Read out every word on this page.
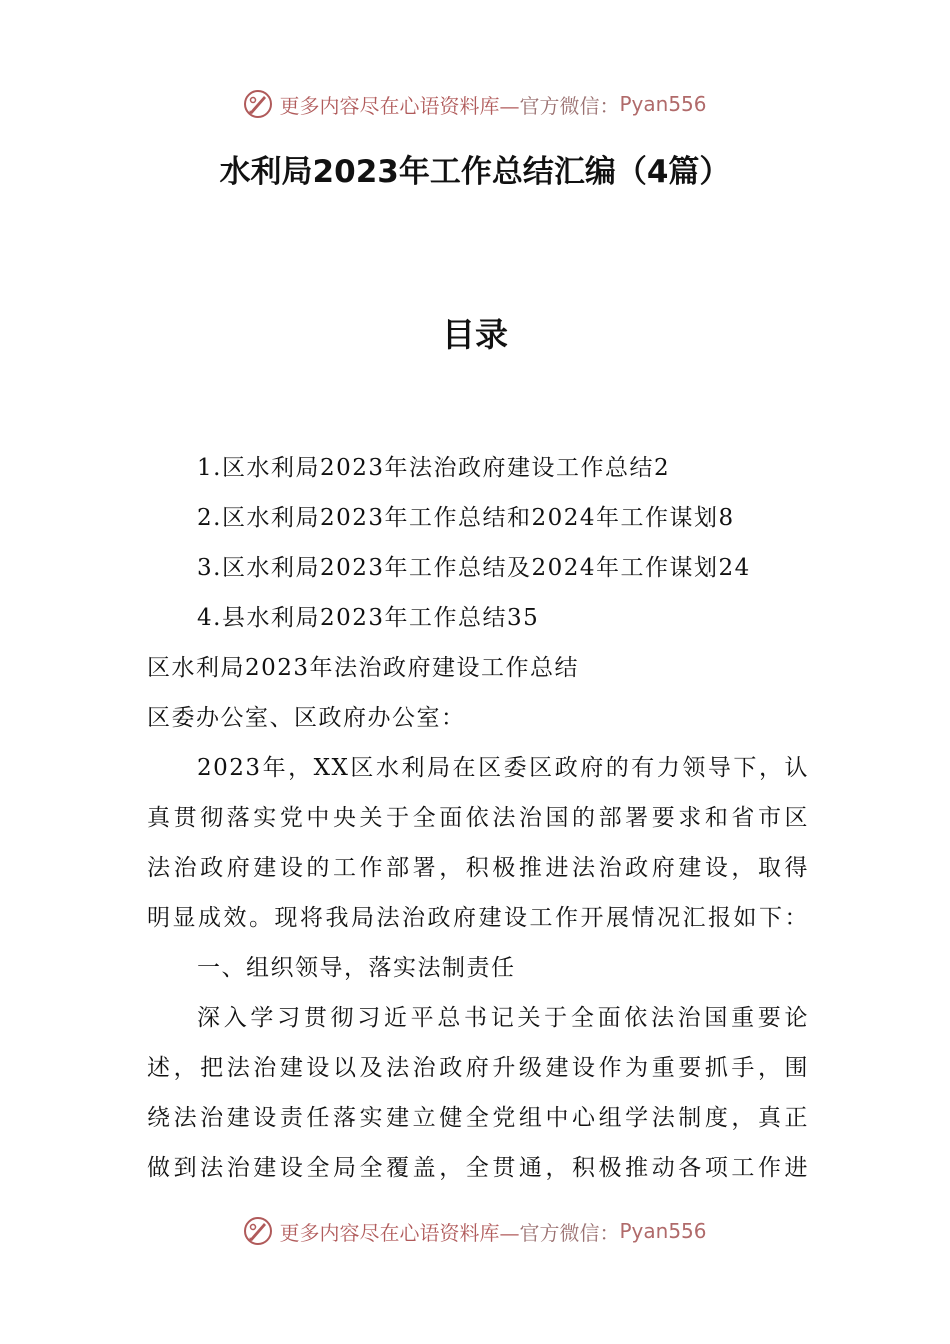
更多内容尽在心语资料库— 官方微信： Pyan556
水利局2023年工作总结汇编（4篇）
目录
1.区水利局2023年法治政府建设工作总结2
2.区水利局2023年工作总结和2024年工作谋划8
3.区水利局2023年工作总结及2024年工作谋划24
4.县水利局2023年工作总结35
区水利局2023年法治政府建设工作总结
区委办公室、区政府办公室：
2023年，XX区水利局在区委区政府的有力领导下，认
真贯彻落实党中央关于全面依法治国的部署要求和省市区
法治政府建设的工作部署，积极推进法治政府建设，取得
明显成效。现将我局法治政府建设工作开展情况汇报如下：
一、组织领导，落实法制责任
深入学习贯彻习近平总书记关于全面依法治国重要论
述，把法治建设以及法治政府升级建设作为重要抓手，围
绕法治建设责任落实建立健全党组中心组学法制度，真正
做到法治建设全局全覆盖，全贯通，积极推动各项工作进
更多内容尽在心语资料库— 官方微信： Pyan556
